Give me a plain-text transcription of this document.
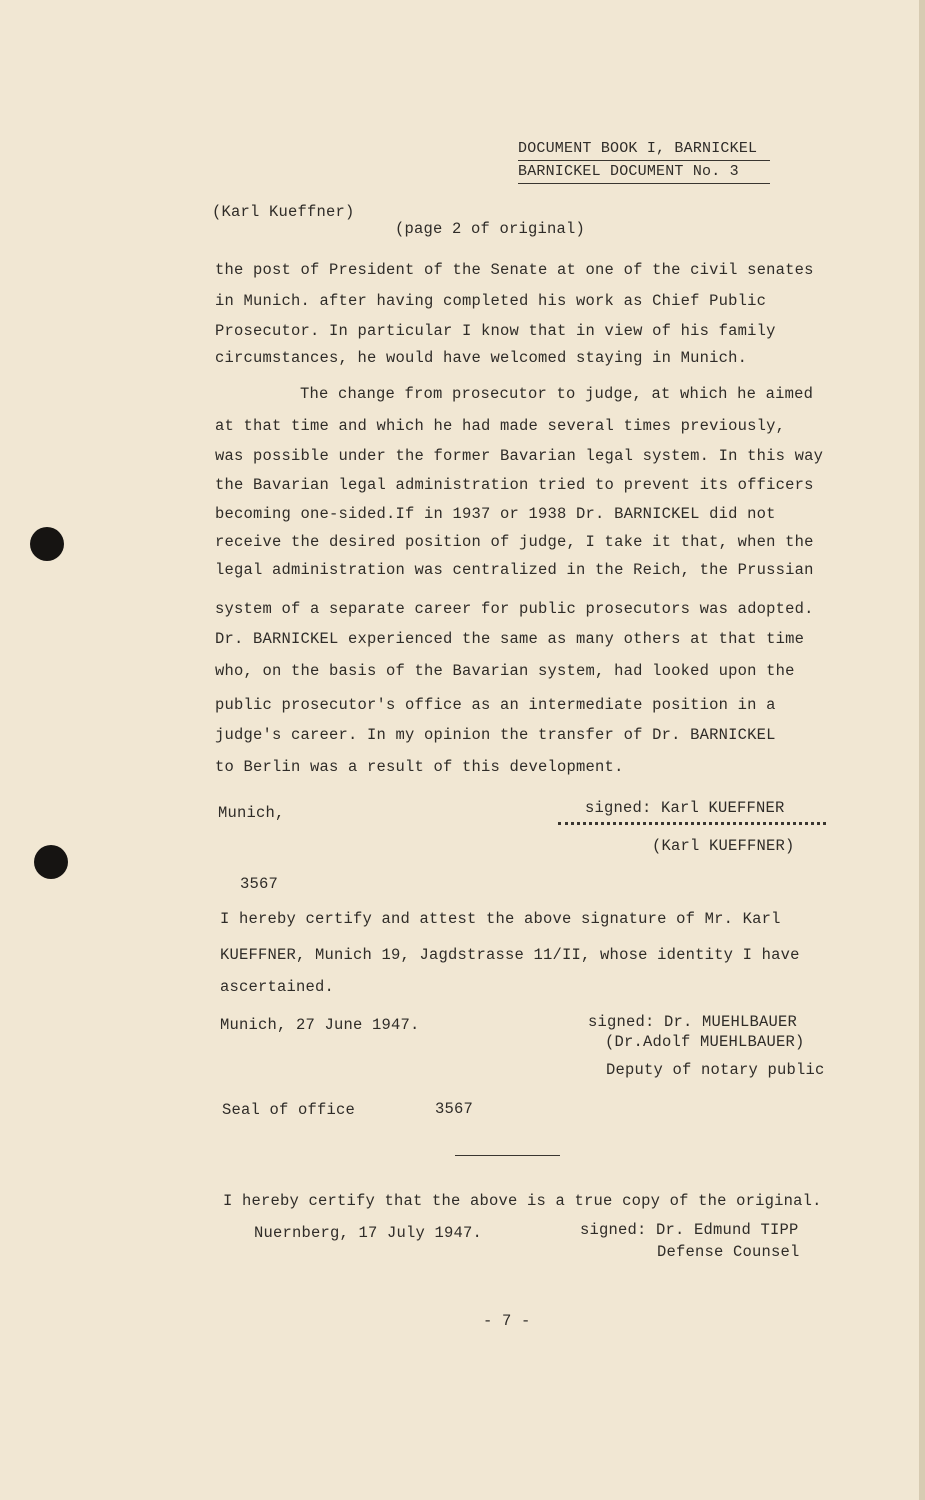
DOCUMENT BOOK I, BARNICKEL
BARNICKEL DOCUMENT No. 3
(Karl Kueffner)
(page 2 of original)
the post of President of the Senate at one of the civil senates
in Munich. after having completed his work as Chief Public
Prosecutor. In particular I know that in view of his family
circumstances, he would have welcomed staying in Munich.
The change from prosecutor to judge, at which he aimed
at that time and which he had made several times previously,
was possible under the former Bavarian legal system. In this way
the Bavarian legal administration tried to prevent its officers
becoming one-sided.If in 1937 or 1938 Dr. BARNICKEL did not
receive the desired position of judge, I take it that, when the
legal administration was centralized in the Reich, the Prussian
system of a separate career for public prosecutors was adopted.
Dr. BARNICKEL experienced the same as many others at that time
who, on the basis of the Bavarian system, had looked upon the
public prosecutor's office as an intermediate position in a
judge's career. In my opinion the transfer of Dr. BARNICKEL
to Berlin was a result of this development.
Munich,	signed: Karl KUEFFNER
(Karl KUEFFNER)
3567
I hereby certify and attest the above signature of Mr. Karl
KUEFFNER, Munich 19, Jagdstrasse 11/II, whose identity I have
ascertained.
Munich, 27 June 1947.	signed: Dr. MUEHLBAUER
(Dr.Adolf MUEHLBAUER)
Deputy of notary public
Seal of office	3567
I hereby certify that the above is a true copy of the original.
Nuernberg, 17 July 1947.	signed: Dr. Edmund TIPP
Defense Counsel
- 7 -
